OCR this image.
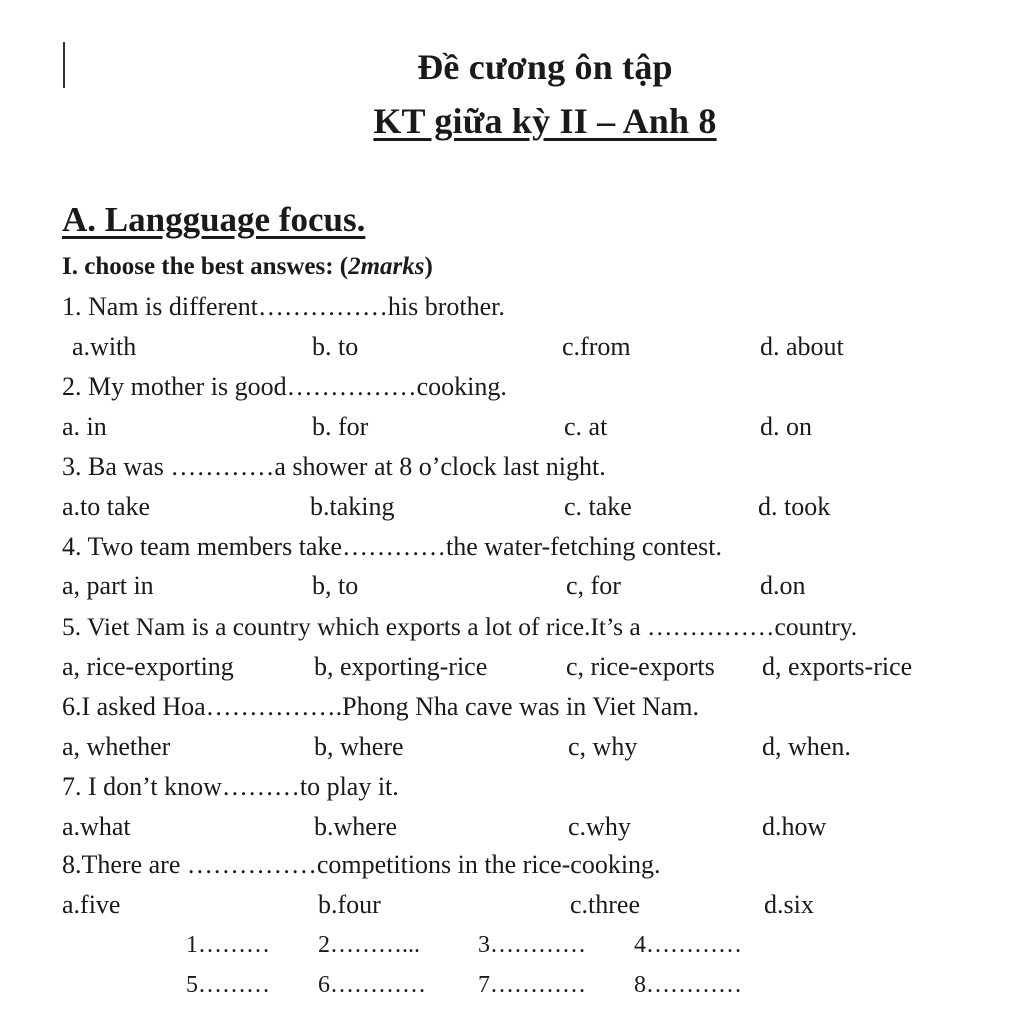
Đề cương ôn tập
KT giữa kỳ II – Anh 8
A. Langguage focus.
I. choose the best answes: (2marks)
1. Nam is different……………his brother.
a.with	b. to	c.from	d. about
2. My mother is good……………cooking.
a. in	b. for	c. at	d. on
3. Ba was …………a shower at 8 o’clock last night.
a.to take	b.taking	c. take	d. took
4. Two team members take…………the water-fetching contest.
a, part in	b, to	c, for	d.on
5. Viet Nam is a country which exports a lot of rice.It’s a ……………country.
a, rice-exporting	b, exporting-rice	c, rice-exports d, exports-rice
6.I asked Hoa…………….Phong Nha cave was in Viet Nam.
a, whether	b, where	c, why	d, when.
7. I don’t know………to play it.
a.what	b.where	c.why	d.how
8.There are ……………competitions in the rice-cooking.
a.five	b.four	c.three	d.six
1……… 2………... 3………… 4…………
5……… 6………… 7………… 8…………
